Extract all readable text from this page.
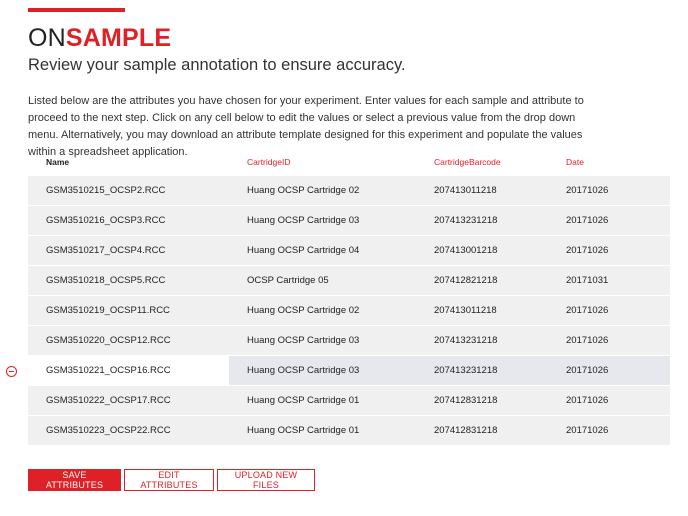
ONSAMPLE
Review your sample annotation to ensure accuracy.
Listed below are the attributes you have chosen for your experiment. Enter values for each sample and attribute to proceed to the next step. Click on any cell below to edit the values or select a previous value from the drop down menu. Alternatively, you may download an attribute template designed for this experiment and populate the values within a spreadsheet application.
Name	CartridgeID	CartridgeBarcode	Date
GSM3510215_OCSP2.RCC	Huang OCSP Cartridge 02	207413011218	20171026
GSM3510216_OCSP3.RCC	Huang OCSP Cartridge 03	207413231218	20171026
GSM3510217_OCSP4.RCC	Huang OCSP Cartridge 04	207413001218	20171026
GSM3510218_OCSP5.RCC	OCSP Cartridge 05	207412821218	20171031
GSM3510219_OCSP11.RCC	Huang OCSP Cartridge 02	207413011218	20171026
GSM3510220_OCSP12.RCC	Huang OCSP Cartridge 03	207413231218	20171026
GSM3510221_OCSP16.RCC	Huang OCSP Cartridge 03	207413231218	20171026
GSM3510222_OCSP17.RCC	Huang OCSP Cartridge 01	207412831218	20171026
GSM3510223_OCSP22.RCC	Huang OCSP Cartridge 01	207412831218	20171026
SAVE ATTRIBUTES
EDIT ATTRIBUTES
UPLOAD NEW FILES
